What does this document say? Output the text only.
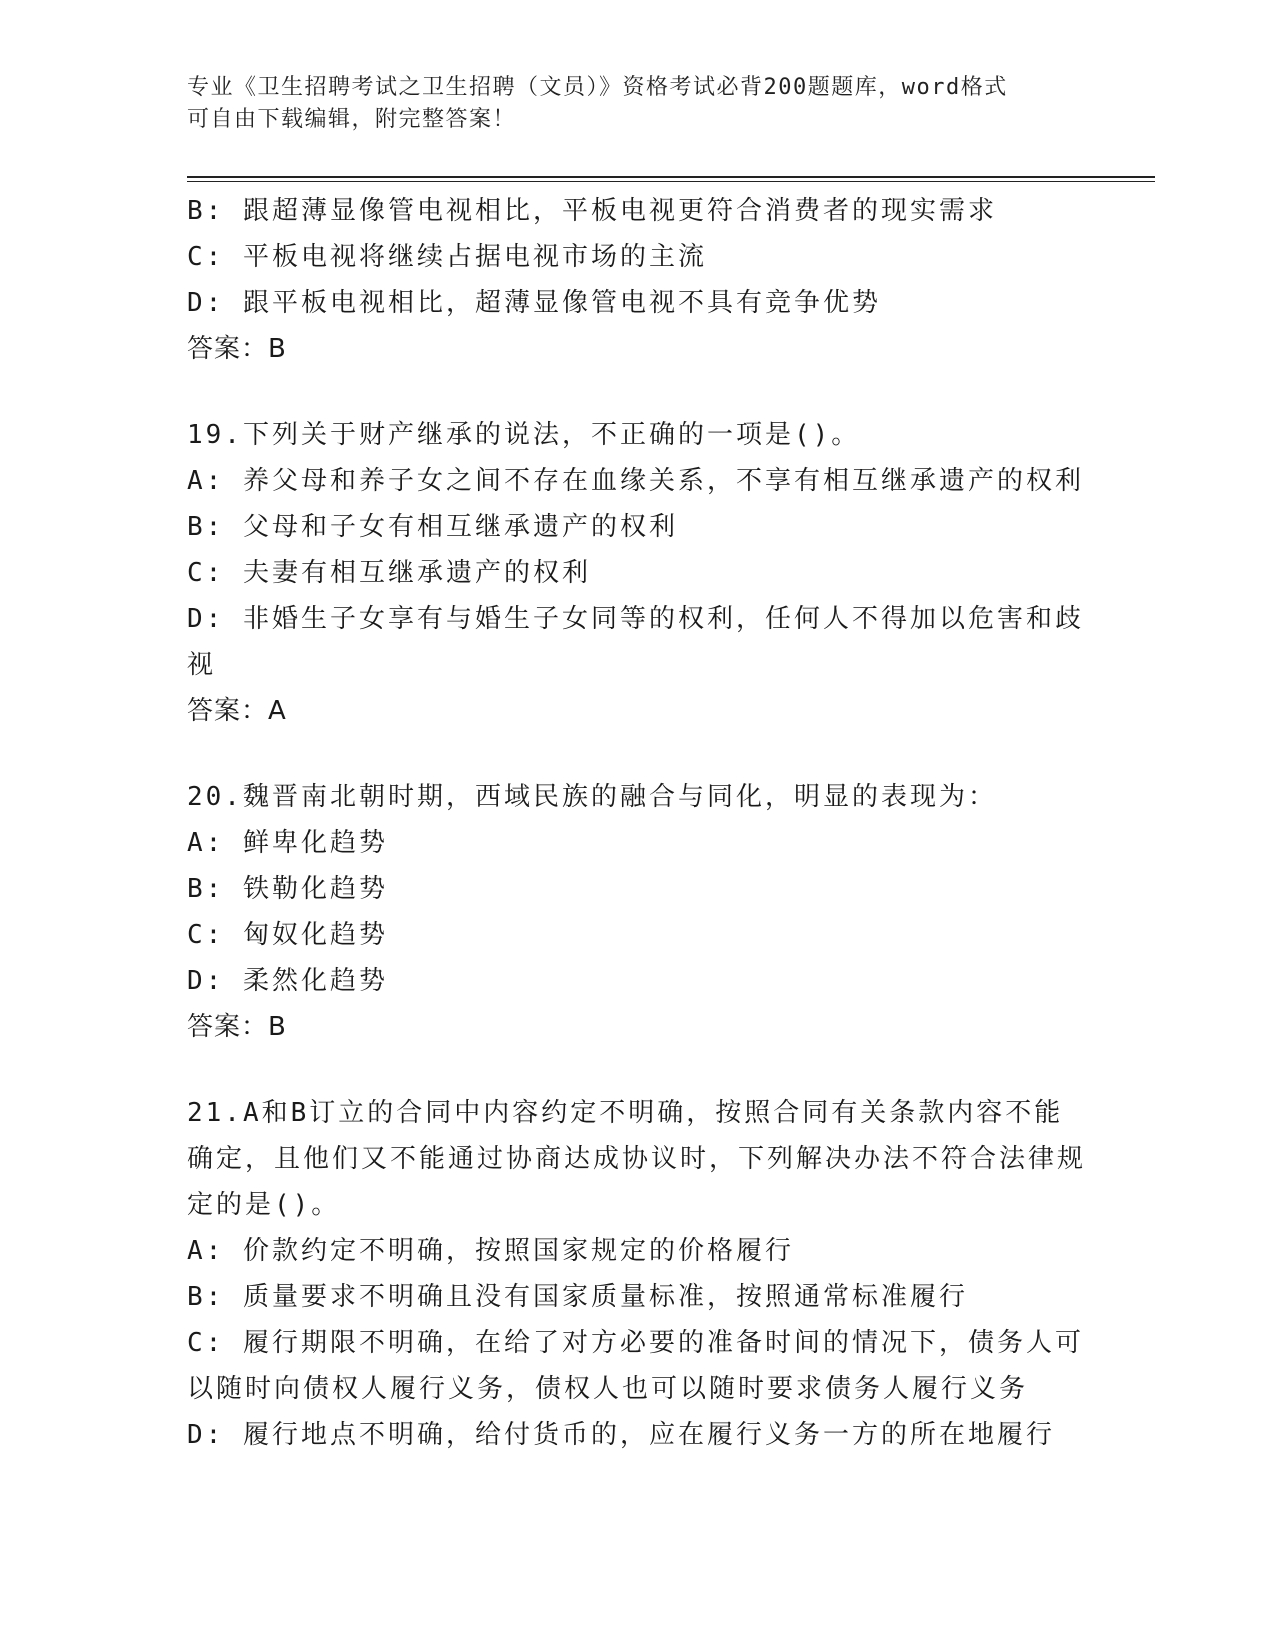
专业《卫生招聘考试之卫生招聘（文员）》资格考试必背200题题库，word格式
可自由下载编辑，附完整答案！
B: 跟超薄显像管电视相比，平板电视更符合消费者的现实需求
C: 平板电视将继续占据电视市场的主流
D: 跟平板电视相比，超薄显像管电视不具有竞争优势
答案：B
19.下列关于财产继承的说法，不正确的一项是()。
A: 养父母和养子女之间不存在血缘关系，不享有相互继承遗产的权利
B: 父母和子女有相互继承遗产的权利
C: 夫妻有相互继承遗产的权利
D: 非婚生子女享有与婚生子女同等的权利，任何人不得加以危害和歧视
答案：A
20.魏晋南北朝时期，西域民族的融合与同化，明显的表现为：
A: 鲜卑化趋势
B: 铁勒化趋势
C: 匈奴化趋势
D: 柔然化趋势
答案：B
21.A和B订立的合同中内容约定不明确，按照合同有关条款内容不能确定，且他们又不能通过协商达成协议时，下列解决办法不符合法律规定的是()。
A: 价款约定不明确，按照国家规定的价格履行
B: 质量要求不明确且没有国家质量标准，按照通常标准履行
C: 履行期限不明确，在给了对方必要的准备时间的情况下，债务人可以随时向债权人履行义务，债权人也可以随时要求债务人履行义务
D: 履行地点不明确，给付货币的，应在履行义务一方的所在地履行
